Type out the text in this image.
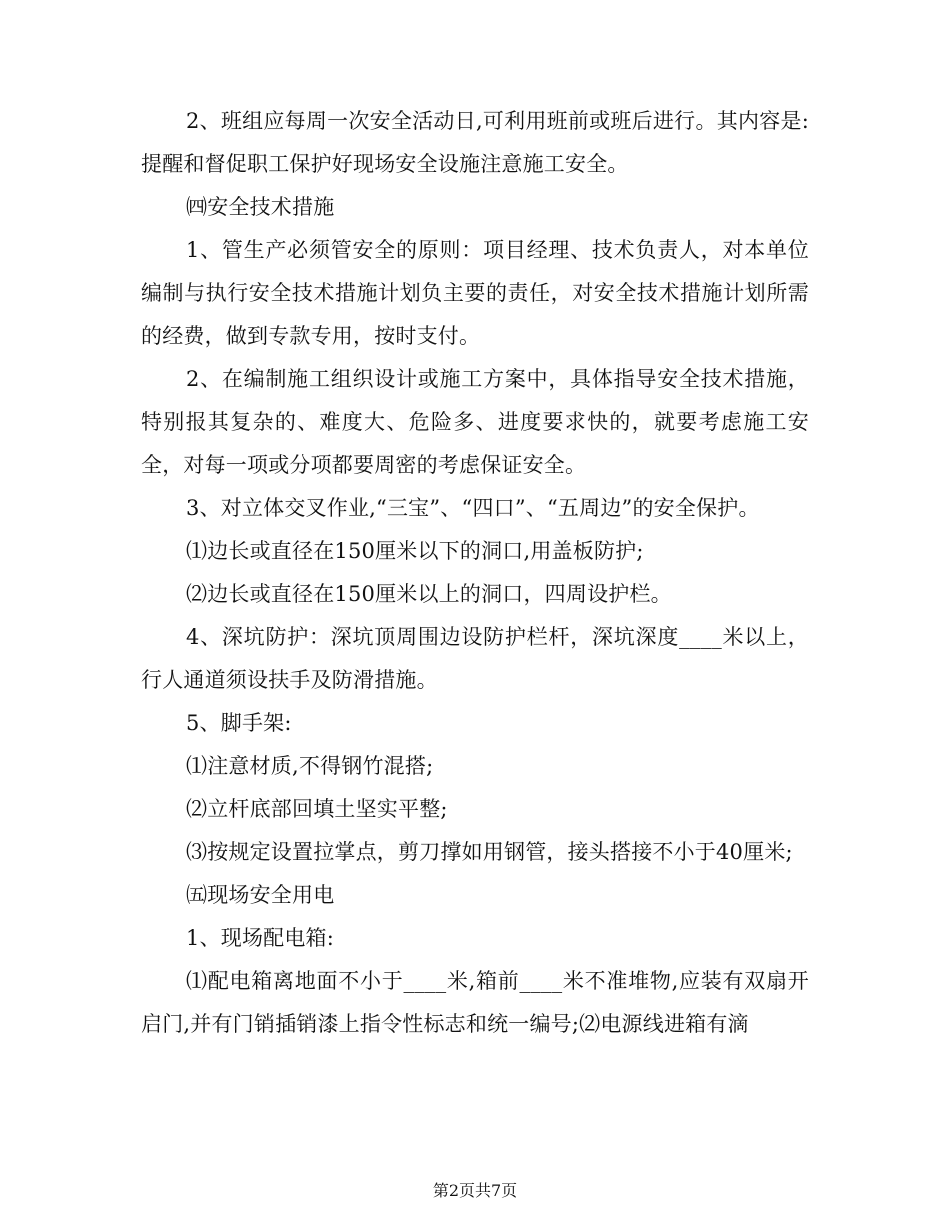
2、班组应每周一次安全活动日,可利用班前或班后进行。其内容是:提醒和督促职工保护好现场安全设施注意施工安全。

㈣安全技术措施

1、管生产必须管安全的原则：项目经理、技术负责人，对本单位编制与执行安全技术措施计划负主要的责任，对安全技术措施计划所需的经费，做到专款专用，按时支付。

2、在编制施工组织设计或施工方案中，具体指导安全技术措施，特别报其复杂的、难度大、危险多、进度要求快的，就要考虑施工安全，对每一项或分项都要周密的考虑保证安全。

3、对立体交叉作业,“三宝”、“四口”、“五周边”的安全保护。

⑴边长或直径在150厘米以下的洞口,用盖板防护;

⑵边长或直径在150厘米以上的洞口，四周设护栏。

4、深坑防护：深坑顶周围边设防护栏杆，深坑深度____米以上，行人通道须设扶手及防滑措施。

5、脚手架:

⑴注意材质,不得钢竹混搭;

⑵立杆底部回填土坚实平整;

⑶按规定设置拉掌点，剪刀撑如用钢管，接头搭接不小于40厘米;

㈤现场安全用电

1、现场配电箱:

⑴配电箱离地面不小于____米,箱前____米不准堆物,应装有双扇开启门,并有门销插销漆上指令性标志和统一编号;⑵电源线进箱有滴

第2页共7页
